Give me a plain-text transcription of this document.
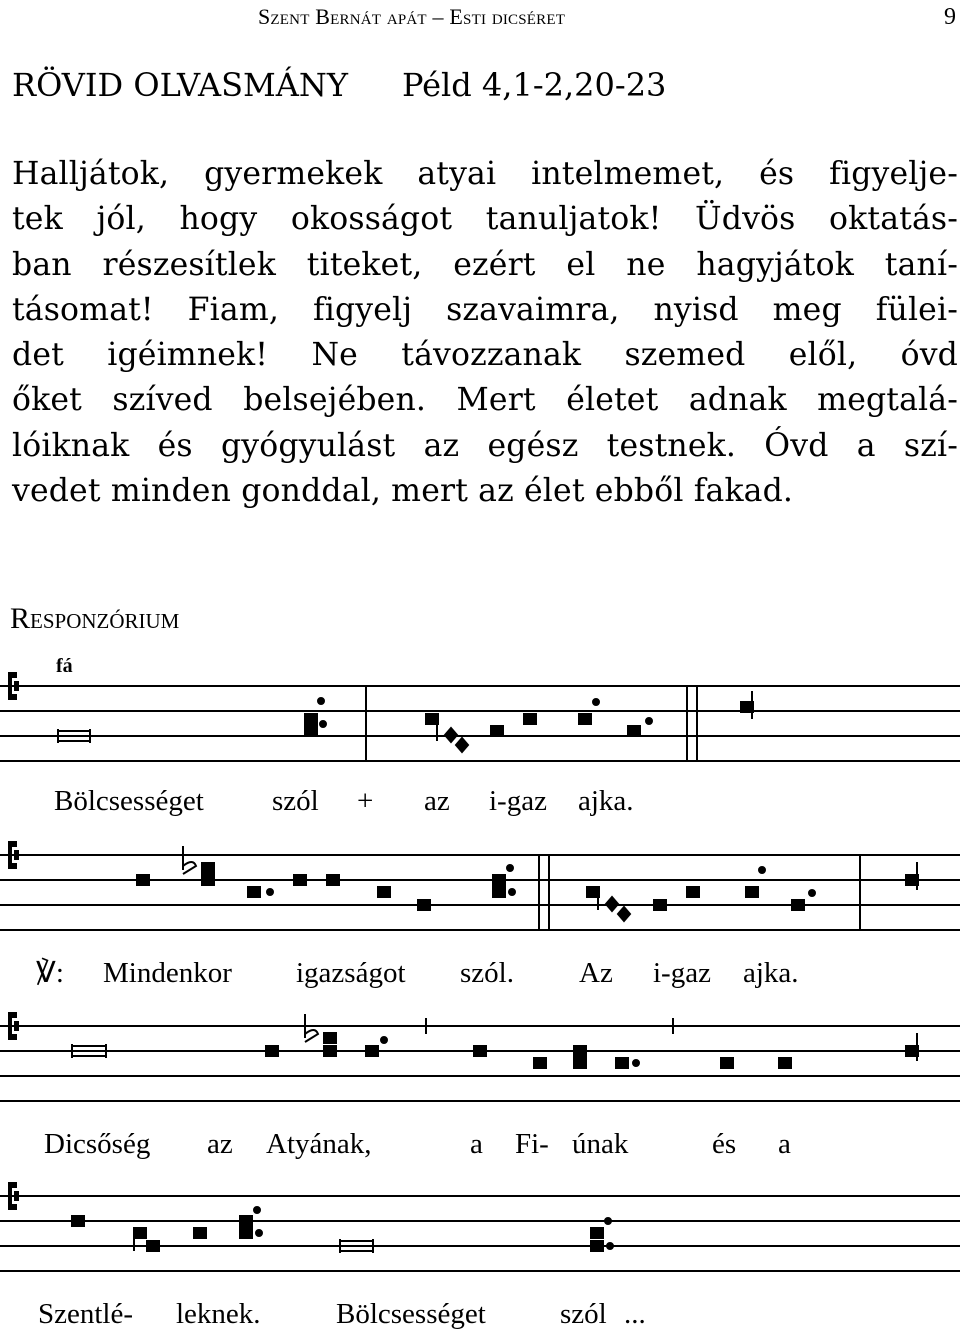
Szent Bernát apát – Esti dicséret	9
RÖVID OLVASMÁNY Péld 4,1-2,20-23
Halljátok, gyermekek atyai intelmemet, és figyelje-
tek jól, hogy okosságot tanuljatok! Üdvös oktatás-
ban részesítlek titeket, ezért el ne hagyjátok taní-
tásomat! Fiam, figyelj szavaimra, nyisd meg fülei-
det igéimnek! Ne távozzanak szemed elől, óvd
őket szíved belsejében. Mert életet adnak megtalá-
lóiknak és gyógyulást az egész testnek. Óvd a szí-
vedet minden gonddal, mert az élet ebből fakad.
Responzórium
fá
Bölcsességet szól + az i-gaz ajka.
℣: Mindenkor igazságot szól. Az i-gaz ajka.
Dicsőség az Atyának,	a Fi- únak	és a
Szentlé- leknek.	Bölcsességet	szól ...
